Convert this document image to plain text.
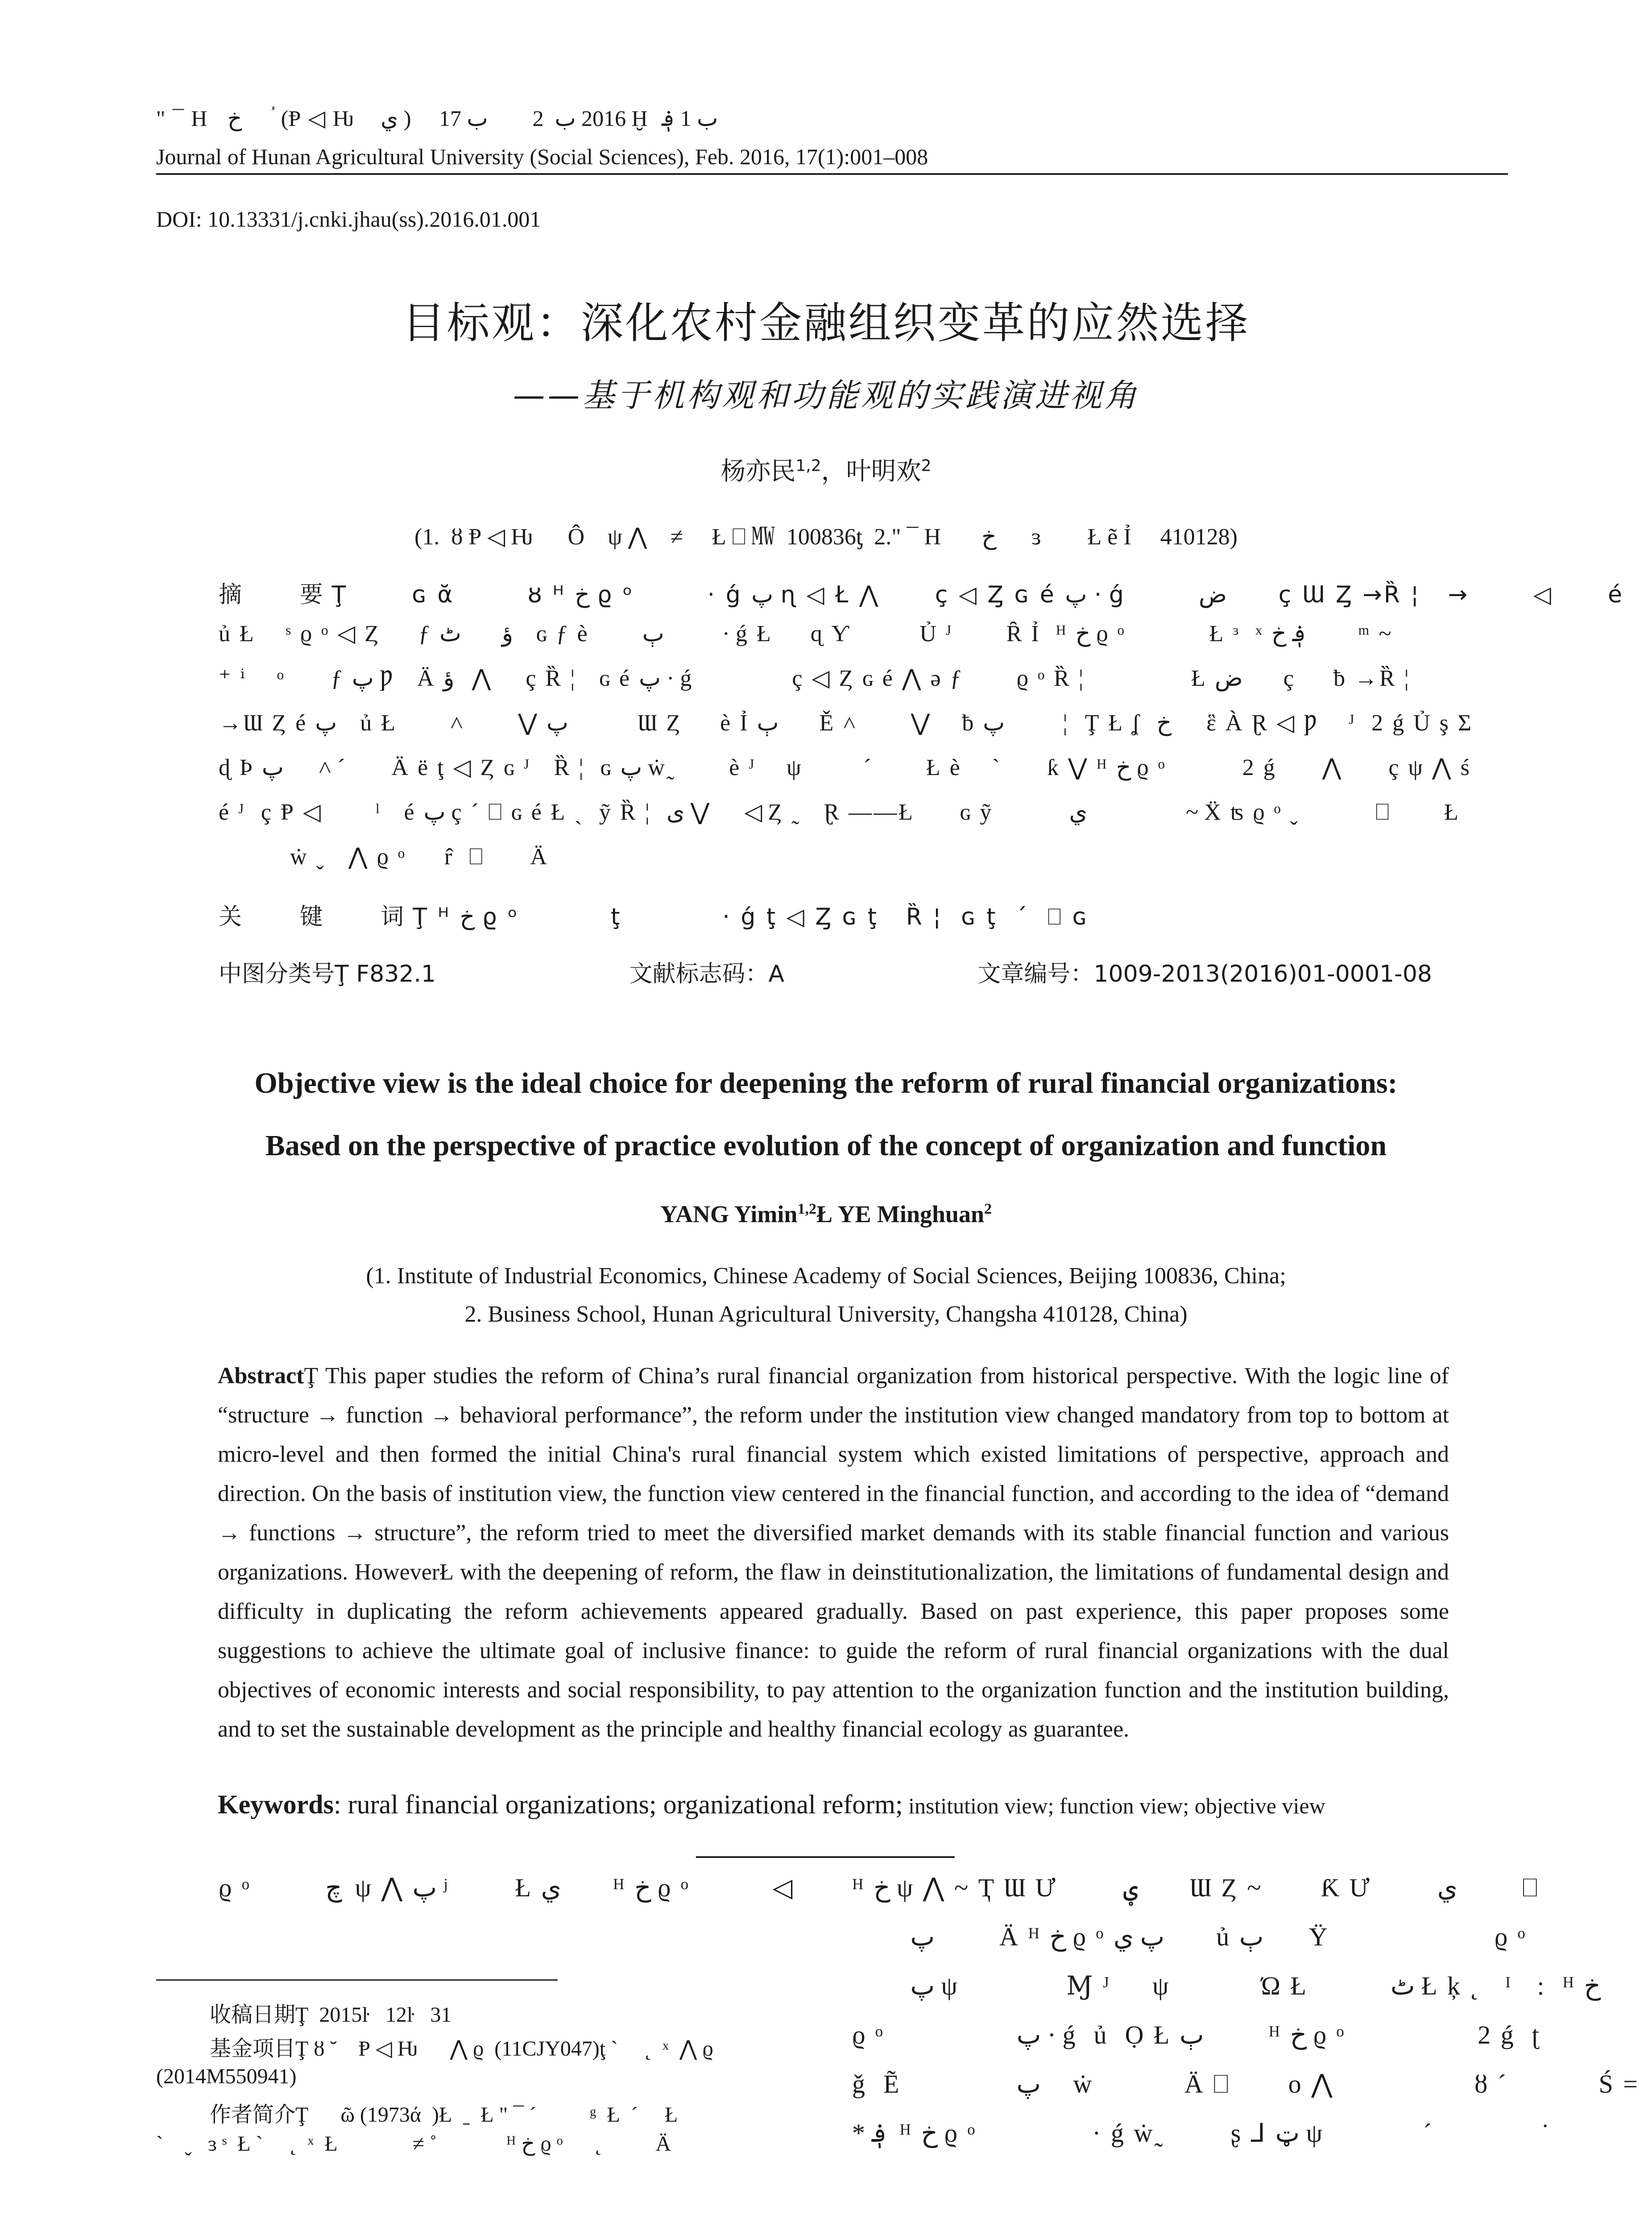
" ¯ H   خ      ؙ (Ᵽ ◁ Ƕ    ي )     2016 ب  2        ب 17 Ḫ  ب 1 ؋
Journal of Hunan Agricultural University (Social Sciences), Feb. 2016, 17(1):001–008
DOI: 10.13331/j.cnki.jhau(ss).2016.01.001
目标观：深化农村金融组织变革的应然选择
——基于机构观和功能观的实践演进视角
杨亦民$^{1,2}$，叶明欢$^2$
(1.  ȣ Ᵽ ◁ Ƕ      Ô    ψ ⋀    ≠     Ł ⎕ ㎿  100836ƫ  2." ¯ H       خ      ɜ        Ł ẽ Ỉ     410128)
摘   要Ţ       ɢ ᾰ        ȣ ᴴ خ ϱ ᵒ        · ǵ پ ɳ ◁ Ł ⋀      ç ◁ Ȥ ɢ é پ · ǵ        ض       ç Ɯ Ȥ →Ȑ ¦   →       ◁      é
ủ Ł    ˢ ϱ ᵒ ◁ Ȥ     ƒ ؤ       ٹ    ɢ ƒ è       ٻ          · ǵ Ł     ɋ Ƴ         Ủ ᴶ       Ȓ Ỉ  ᴴ خ ϱ ᵒ           Ł ᵌ  ˣ ؋ خ         ᵐ ~
⁺ ⁱ    ᵒ      ƒ پ Ƿ   Ä ؤ   ⋀      ç Ȑ ¦   ɢ é پ · ǵ             ç ◁ Ȥ ɢ é ⋀ ə ƒ       ϱ ᵒ Ȑ ¦              Ł ض       ç     ƀ →Ȑ ¦
→Ɯ Ȥ é پ    ủ Ł       ˄       ⋁ پ            Ɯ Ȥ     è Ỉ ٻ       Ě ˄       ⋁    ƀ پ          ¦   Ţ Ł ʆ  خ      ἓ À Ɽ ◁ Ƿ    ᴶ  2 ǵ Ủ ş Σ
ɖ Þ پ      ˄ ˊ        Ä ë ţ ◁ Ȥ ɢ ᴶ   Ȑ ¦  ɢ پ ẇ˷       è ᴶ    ψ        ˊ       Ł è    ˋ      ƙ ⋁ ᴴ خ ϱ ᵒ          2 ǵ      ⋀      ç ψ ⋀ ś
é ᴶ  ç Ᵽ ◁       ˡ   é پ ç ˊ ⎕ ɢ é Ł ˎ  ỹ Ȑ ¦  ى ⋁      ◁ Ȥ ˷   Ɽ ——Ł      ɢ ỹ          ي                 ~ Ẍ ʦ ϱ ᵒ ˬ          ⎕       Ł
ẇ ˬ   ⋀ ϱ ᵒ     r̂  ⎕      Ä
关   键   词Ţ ᴴ خ ϱ ᵒ          ţ           · ǵ ţ ◁ Ȥ ɢ ţ   Ȑ ¦  ɢ ţ  ˊ  ⎕ ɢ
中图分类号Ţ F832.1	文献标志码：A	文章编号：1009-2013(2016)01-0001-08
Objective view is the ideal choice for deepening the reform of rural financial organizations:
Based on the perspective of practice evolution of the concept of organization and function
YANG Yimin$^{1,2}$Ł YE Minghuan$^2$
(1. Institute of Industrial Economics, Chinese Academy of Social Sciences, Beijing 100836, China;
2. Business School, Hunan Agricultural University, Changsha 410128, China)
AbstractŢ This paper studies the reform of China’s rural financial organization from historical perspective. With the logic line of “structure → function → behavioral performance”, the reform under the institution view changed mandatory from top to bottom at micro-level and then formed the initial China's rural financial system which existed limitations of perspective, approach and direction. On the basis of institution view, the function view centered in the financial function, and according to the idea of “demand → functions → structure”, the reform tried to meet the diversified market demands with its stable financial function and various organizations. HoweverŁ with the deepening of reform, the flaw in deinstitutionalization, the limitations of fundamental design and difficulty in duplicating the reform achievements appeared gradually. Based on past experience, this paper proposes some suggestions to achieve the ultimate goal of inclusive finance: to guide the reform of rural financial organizations with the dual objectives of economic interests and social responsibility, to pay attention to the organization function and the institution building, and to set the sustainable development as the principle and healthy financial ecology as guarantee.
Keywords: rural financial organizations; organizational reform; institution view; function view; objective view
ϱ ᵒ         چ  ψ ⋀ پ ʲ        Ł ي        ᴴ خ ϱ ᵒ          ◁ ᴴ خ ψ ⋀ ~ Ҭ Ɯ Ư        ؠ        Ɯ Ȥ ~       Ƙ Ư        ي          ⎕
پ          Ä ᴴ خ ϱ ᵒ پ ي        ủ ٻ       Ÿ                    ϱ ᵒ
پ ψ             Ɱ ᴶ     ψ           Ώ Ł          ٹ Ł ķ ˛   ᴵ   :  ᴴ خ
ϱ ᵒ                پ · ǵ  ủ  Ọ Ł ٻ          ᴴ خ ϱ ᵒ                2 ǵ  ʈ
ǧ  Ẽ              پ     ẇ           Ä ⎕       ο ⋀                 ȣ ˊ           Ś =
* ؋  ᴴ خ ϱ ᵒ              · ǵ ẇ˷        ʂ ⅃ ټ ψ            ˊ             ˙
收稿日期Ţ  2015ŀ   12ŀ   31
基金项目Ţ ȣ ˘    Ᵽ ◁ Ƕ      ⋀ ϱ  (11CJY047)ţ ˋ     ˛  ˣ  ⋀ ϱ
(2014M550941)
作者简介Ţ      ῶ (1973ά  )Ł  ˍ  Ł " ¯ ˊ          ᵍ  Ł  ˊ     Ł
ˋ    ˬ   ɜ ˢ  Ł ˋ     ˛  ˣ  Ł              ≠ ˚             ᴴ خ ϱ ᵒ      ˛          Ä
